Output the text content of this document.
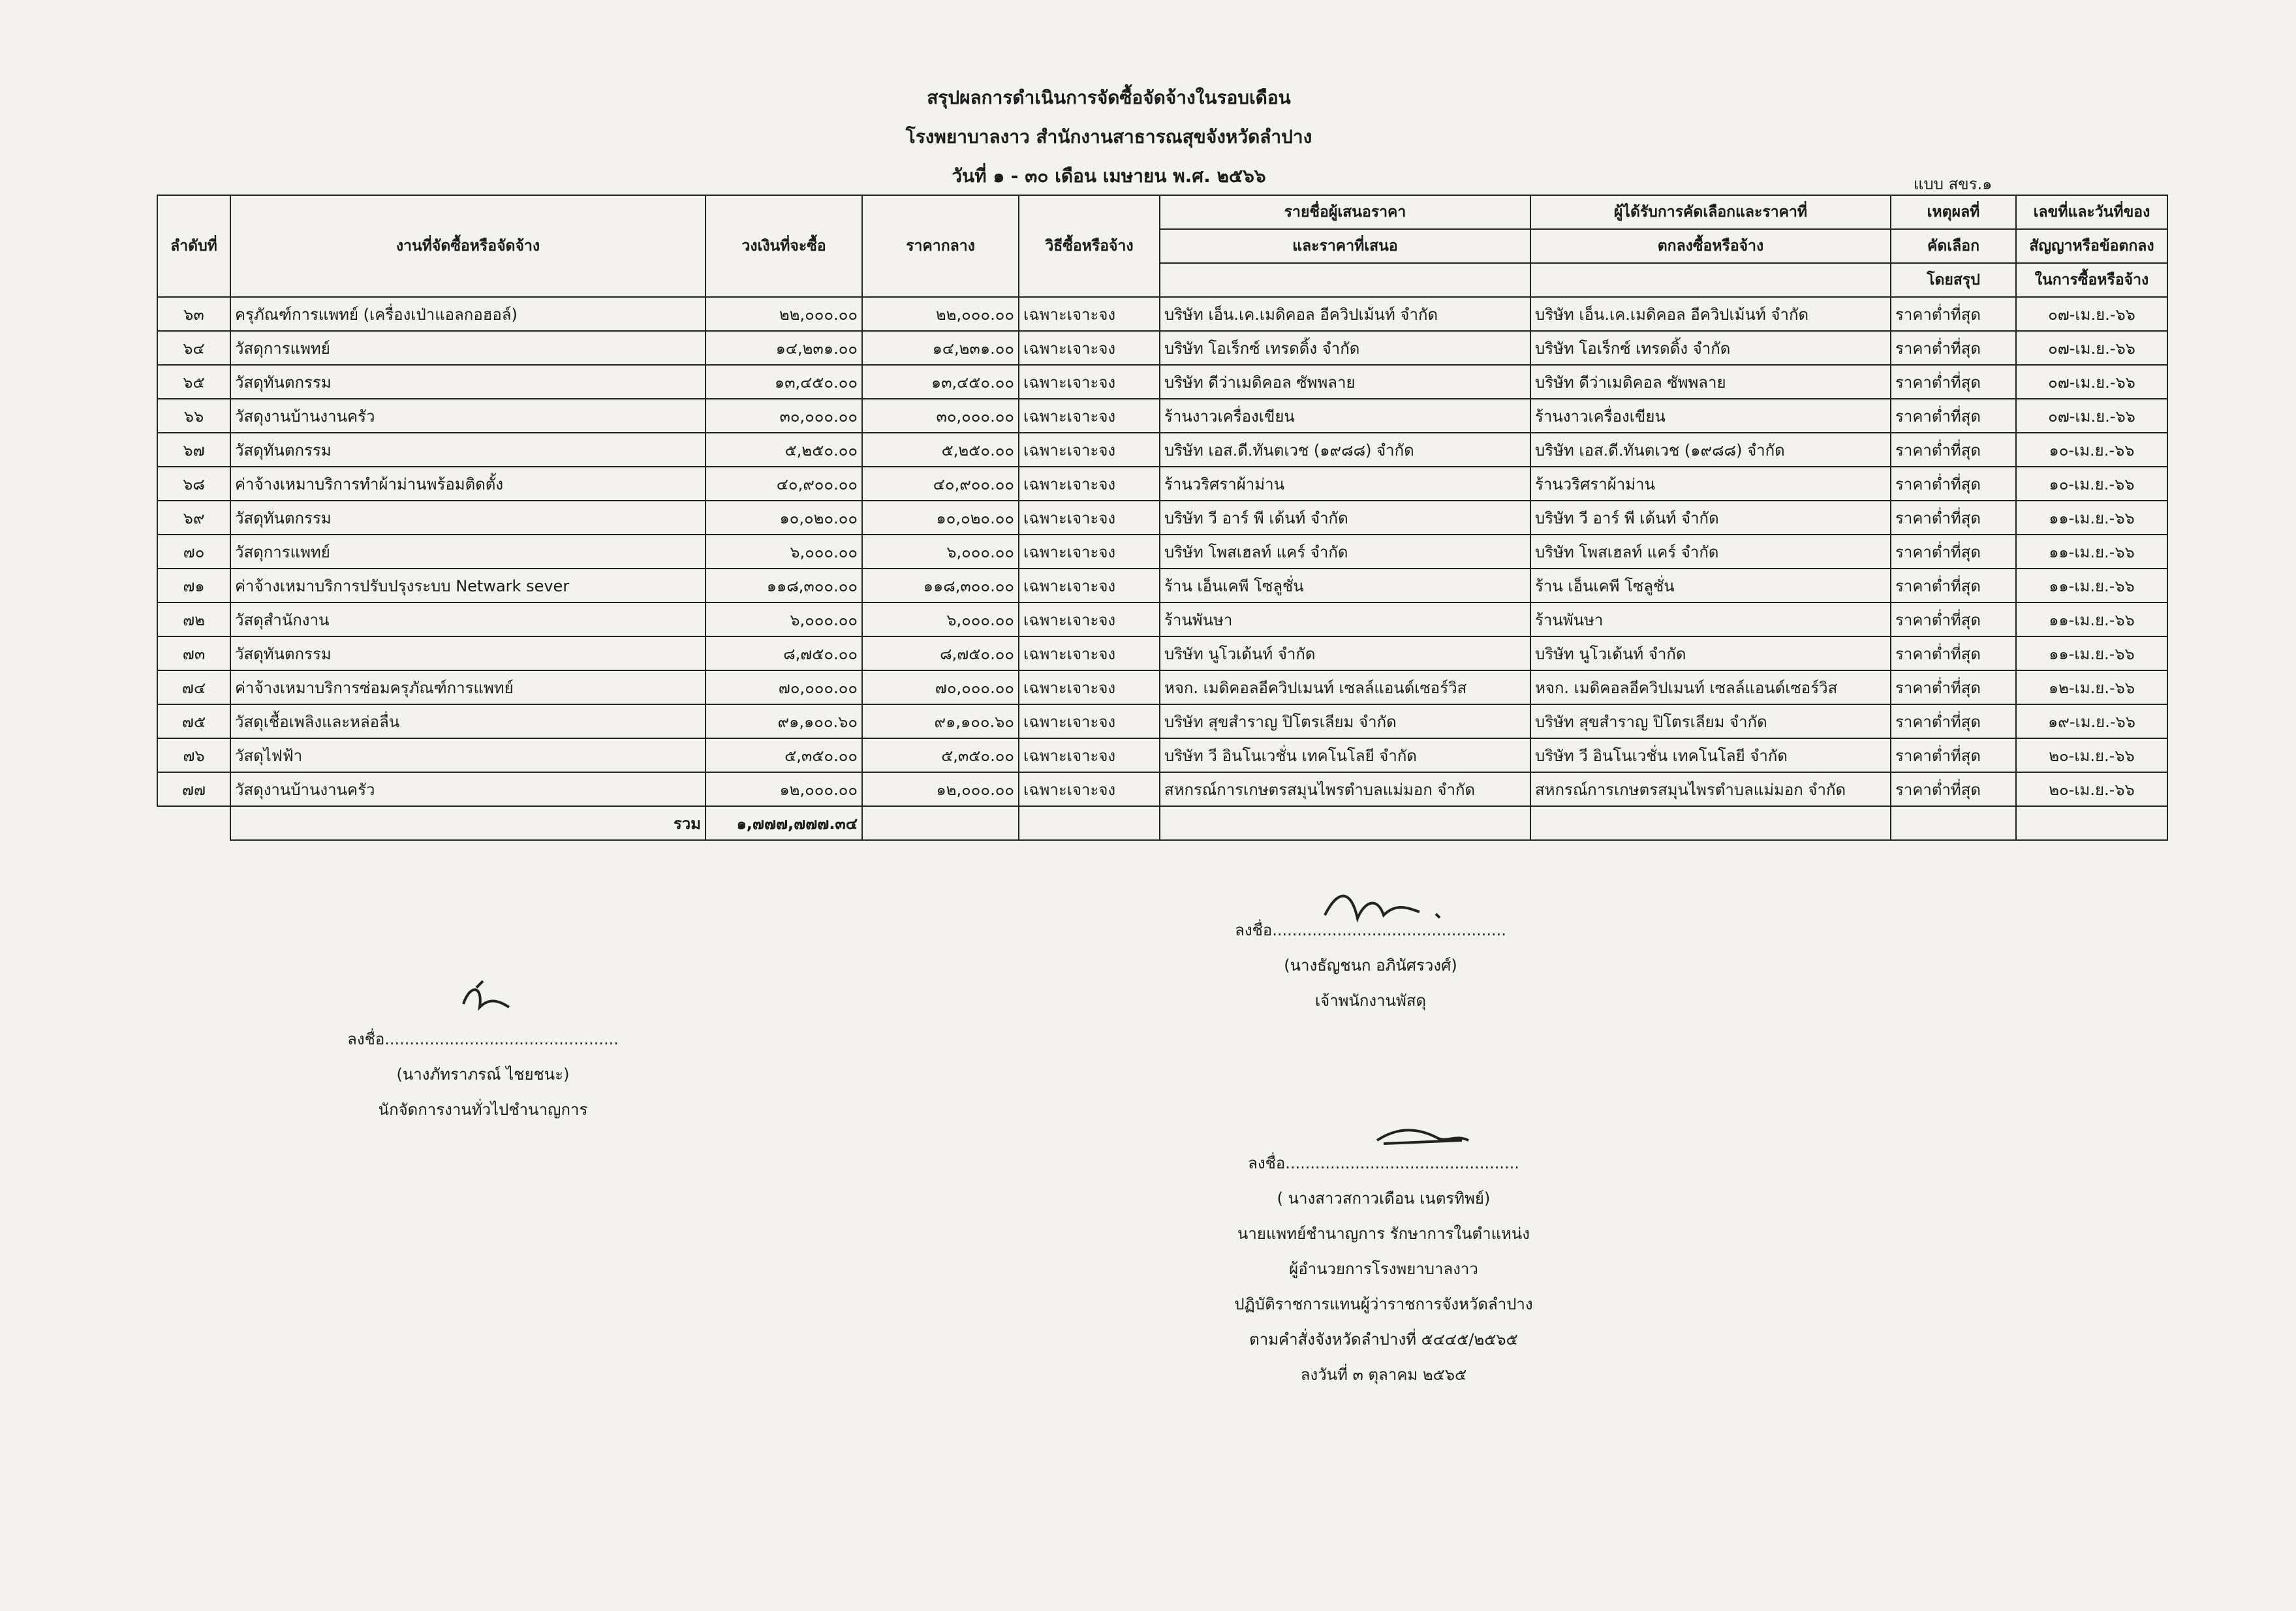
สรุปผลการดำเนินการจัดซื้อจัดจ้างในรอบเดือน
โรงพยาบาลงาว สำนักงานสาธารณสุขจังหวัดลำปาง
วันที่ ๑ - ๓๐ เดือน เมษายน พ.ศ. ๒๕๖๖	แบบ สขร.๑
ลำดับที่	งานที่จัดซื้อหรือจัดจ้าง	วงเงินที่จะซื้อ	ราคากลาง	วิธีซื้อหรือจ้าง	รายชื่อผู้เสนอราคา	ผู้ได้รับการคัดเลือกและราคาที่	เหตุผลที่	เลขที่และวันที่ของ
					และราคาที่เสนอ	ตกลงซื้อหรือจ้าง	คัดเลือก	สัญญาหรือข้อตกลง
							โดยสรุป	ในการซื้อหรือจ้าง
๖๓	ครุภัณฑ์การแพทย์ (เครื่องเป่าแอลกอฮอล์)	๒๒,๐๐๐.๐๐	๒๒,๐๐๐.๐๐	เฉพาะเจาะจง	บริษัท เอ็น.เค.เมดิคอล อีควิปเม้นท์ จำกัด	บริษัท เอ็น.เค.เมดิคอล อีควิปเม้นท์ จำกัด	ราคาต่ำที่สุด	๐๗-เม.ย.-๖๖
๖๔	วัสดุการแพทย์	๑๔,๒๓๑.๐๐	๑๔,๒๓๑.๐๐	เฉพาะเจาะจง	บริษัท โอเร็กซ์ เทรดดิ้ง จำกัด	บริษัท โอเร็กซ์ เทรดดิ้ง จำกัด	ราคาต่ำที่สุด	๐๗-เม.ย.-๖๖
๖๕	วัสดุทันตกรรม	๑๓,๔๕๐.๐๐	๑๓,๔๕๐.๐๐	เฉพาะเจาะจง	บริษัท ดีว่าเมดิคอล ซัพพลาย	บริษัท ดีว่าเมดิคอล ซัพพลาย	ราคาต่ำที่สุด	๐๗-เม.ย.-๖๖
๖๖	วัสดุงานบ้านงานครัว	๓๐,๐๐๐.๐๐	๓๐,๐๐๐.๐๐	เฉพาะเจาะจง	ร้านงาวเครื่องเขียน	ร้านงาวเครื่องเขียน	ราคาต่ำที่สุด	๐๗-เม.ย.-๖๖
๖๗	วัสดุทันตกรรม	๕,๒๕๐.๐๐	๕,๒๕๐.๐๐	เฉพาะเจาะจง	บริษัท เอส.ดี.ทันตเวช (๑๙๘๘) จำกัด	บริษัท เอส.ดี.ทันตเวช (๑๙๘๘) จำกัด	ราคาต่ำที่สุด	๑๐-เม.ย.-๖๖
๖๘	ค่าจ้างเหมาบริการทำผ้าม่านพร้อมติดตั้ง	๔๐,๙๐๐.๐๐	๔๐,๙๐๐.๐๐	เฉพาะเจาะจง	ร้านวริศราผ้าม่าน	ร้านวริศราผ้าม่าน	ราคาต่ำที่สุด	๑๐-เม.ย.-๖๖
๖๙	วัสดุทันตกรรม	๑๐,๐๒๐.๐๐	๑๐,๐๒๐.๐๐	เฉพาะเจาะจง	บริษัท วี อาร์ พี เด้นท์ จำกัด	บริษัท วี อาร์ พี เด้นท์ จำกัด	ราคาต่ำที่สุด	๑๑-เม.ย.-๖๖
๗๐	วัสดุการแพทย์	๖,๐๐๐.๐๐	๖,๐๐๐.๐๐	เฉพาะเจาะจง	บริษัท โพสเฮลท์ แคร์ จำกัด	บริษัท โพสเฮลท์ แคร์ จำกัด	ราคาต่ำที่สุด	๑๑-เม.ย.-๖๖
๗๑	ค่าจ้างเหมาบริการปรับปรุงระบบ Netwark sever	๑๑๘,๓๐๐.๐๐	๑๑๘,๓๐๐.๐๐	เฉพาะเจาะจง	ร้าน เอ็นเคพี โซลูชั่น	ร้าน เอ็นเคพี โซลูชั่น	ราคาต่ำที่สุด	๑๑-เม.ย.-๖๖
๗๒	วัสดุสำนักงาน	๖,๐๐๐.๐๐	๖,๐๐๐.๐๐	เฉพาะเจาะจง	ร้านพันษา	ร้านพันษา	ราคาต่ำที่สุด	๑๑-เม.ย.-๖๖
๗๓	วัสดุทันตกรรม	๘,๗๕๐.๐๐	๘,๗๕๐.๐๐	เฉพาะเจาะจง	บริษัท นูโวเด้นท์ จำกัด	บริษัท นูโวเด้นท์ จำกัด	ราคาต่ำที่สุด	๑๑-เม.ย.-๖๖
๗๔	ค่าจ้างเหมาบริการซ่อมครุภัณฑ์การแพทย์	๗๐,๐๐๐.๐๐	๗๐,๐๐๐.๐๐	เฉพาะเจาะจง	หจก. เมดิคอลอีควิปเมนท์ เซลล์แอนด์เซอร์วิส	หจก. เมดิคอลอีควิปเมนท์ เซลล์แอนด์เซอร์วิส	ราคาต่ำที่สุด	๑๒-เม.ย.-๖๖
๗๕	วัสดุเชื้อเพลิงและหล่อลื่น	๙๑,๑๐๐.๖๐	๙๑,๑๐๐.๖๐	เฉพาะเจาะจง	บริษัท สุขสำราญ ปิโตรเลียม จำกัด	บริษัท สุขสำราญ ปิโตรเลียม จำกัด	ราคาต่ำที่สุด	๑๙-เม.ย.-๖๖
๗๖	วัสดุไฟฟ้า	๕,๓๕๐.๐๐	๕,๓๕๐.๐๐	เฉพาะเจาะจง	บริษัท วี อินโนเวชั่น เทคโนโลยี จำกัด	บริษัท วี อินโนเวชั่น เทคโนโลยี จำกัด	ราคาต่ำที่สุด	๒๐-เม.ย.-๖๖
๗๗	วัสดุงานบ้านงานครัว	๑๒,๐๐๐.๐๐	๑๒,๐๐๐.๐๐	เฉพาะเจาะจง	สหกรณ์การเกษตรสมุนไพรตำบลแม่มอก จำกัด	สหกรณ์การเกษตรสมุนไพรตำบลแม่มอก จำกัด	ราคาต่ำที่สุด	๒๐-เม.ย.-๖๖
	รวม	๑,๗๗๗,๗๗๗.๓๔						
ลงชื่อ...............................................
(นางธัญชนก อภินัศรวงศ์)
เจ้าพนักงานพัสดุ
ลงชื่อ...............................................
(นางภัทราภรณ์ ไชยชนะ)
นักจัดการงานทั่วไปชำนาญการ
ลงชื่อ...............................................
( นางสาวสกาวเดือน เนตรทิพย์)
นายแพทย์ชำนาญการ รักษาการในตำแหน่ง
ผู้อำนวยการโรงพยาบาลงาว
ปฏิบัติราชการแทนผู้ว่าราชการจังหวัดลำปาง
ตามคำสั่งจังหวัดลำปางที่ ๕๔๔๕/๒๕๖๕
ลงวันที่ ๓ ตุลาคม ๒๕๖๕
